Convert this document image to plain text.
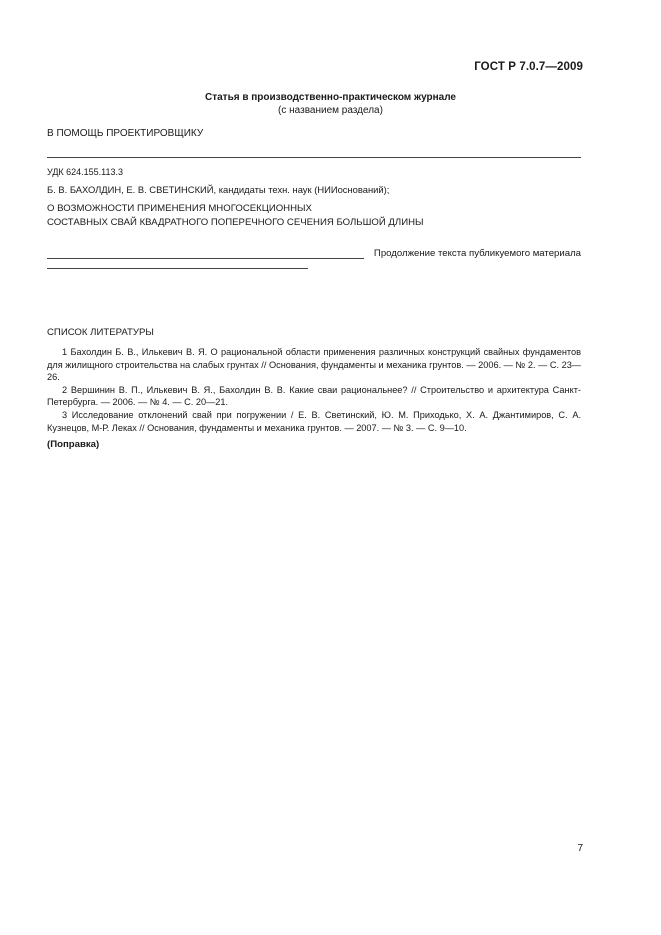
ГОСТ Р 7.0.7—2009
Статья в производственно-практическом журнале
(с названием раздела)
В ПОМОЩЬ ПРОЕКТИРОВЩИКУ
УДК 624.155.113.3
Б. В. БАХОЛДИН, Е. В. СВЕТИНСКИЙ, кандидаты техн. наук (НИИоснований);
О ВОЗМОЖНОСТИ ПРИМЕНЕНИЯ МНОГОСЕКЦИОННЫХ
СОСТАВНЫХ СВАЙ КВАДРАТНОГО ПОПЕРЕЧНОГО СЕЧЕНИЯ БОЛЬШОЙ ДЛИНЫ
Продолжение текста публикуемого материала
СПИСОК ЛИТЕРАТУРЫ

1 Бахолдин Б. В., Илькевич В. Я. О рациональной области применения различных конструкций свайных фундаментов для жилищного строительства на слабых грунтах // Основания, фундаменты и механика грунтов. — 2006. — № 2. — С. 23—26.

2 Вершинин В. П., Илькевич В. Я., Бахолдин В. В. Какие сваи рациональнее? // Строительство и архитектура Санкт-Петербурга. — 2006. — № 4. — С. 20—21.

3 Исследование отклонений свай при погружении / Е. В. Светинский, Ю. М. Приходько, X. А. Джантимиров, С. А. Кузнецов, М-Р. Леках // Основания, фундаменты и механика грунтов. — 2007. — № 3. — С. 9—10.

(Поправка)
7
